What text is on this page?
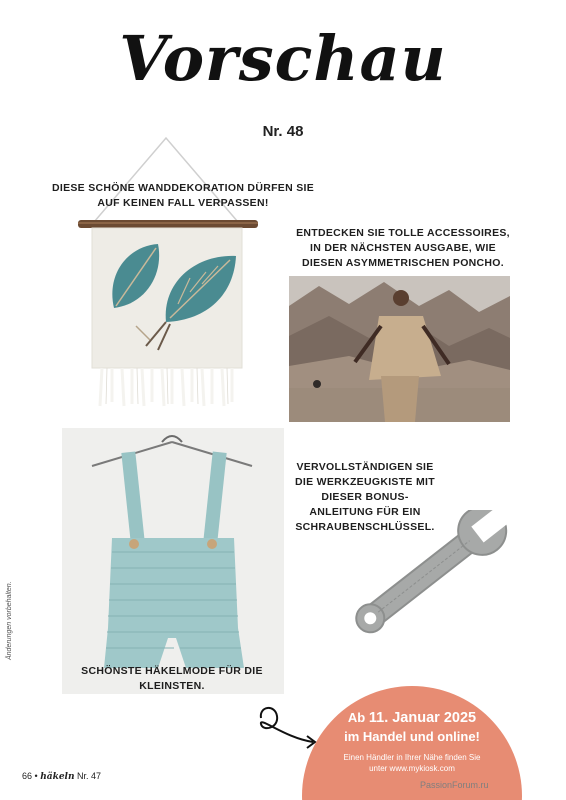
Vorschau
Nr. 48
DIESE SCHÖNE WANDDEKORATION DÜRFEN SIE AUF KEINEN FALL VERPASSEN!
ENTDECKEN SIE TOLLE ACCESSOIRES, IN DER NÄCHSTEN AUSGABE, WIE DIESEN ASYMMETRISCHEN PONCHO.
SCHÖNSTE HÄKELMODE FÜR DIE KLEINSTEN.
VERVOLLSTÄNDIGEN SIE DIE WERKZEUGKISTE MIT DIESER BONUS-ANLEITUNG FÜR EIN SCHRAUBENSCHLÜSSEL.
Änderungen vorbehalten.
Ab 11. Januar 2025
im Handel und online!
Einen Händler in Ihrer Nähe finden Sie
unter www.mykiosk.com
66 • häkeln Nr. 47
PassionForum.ru
